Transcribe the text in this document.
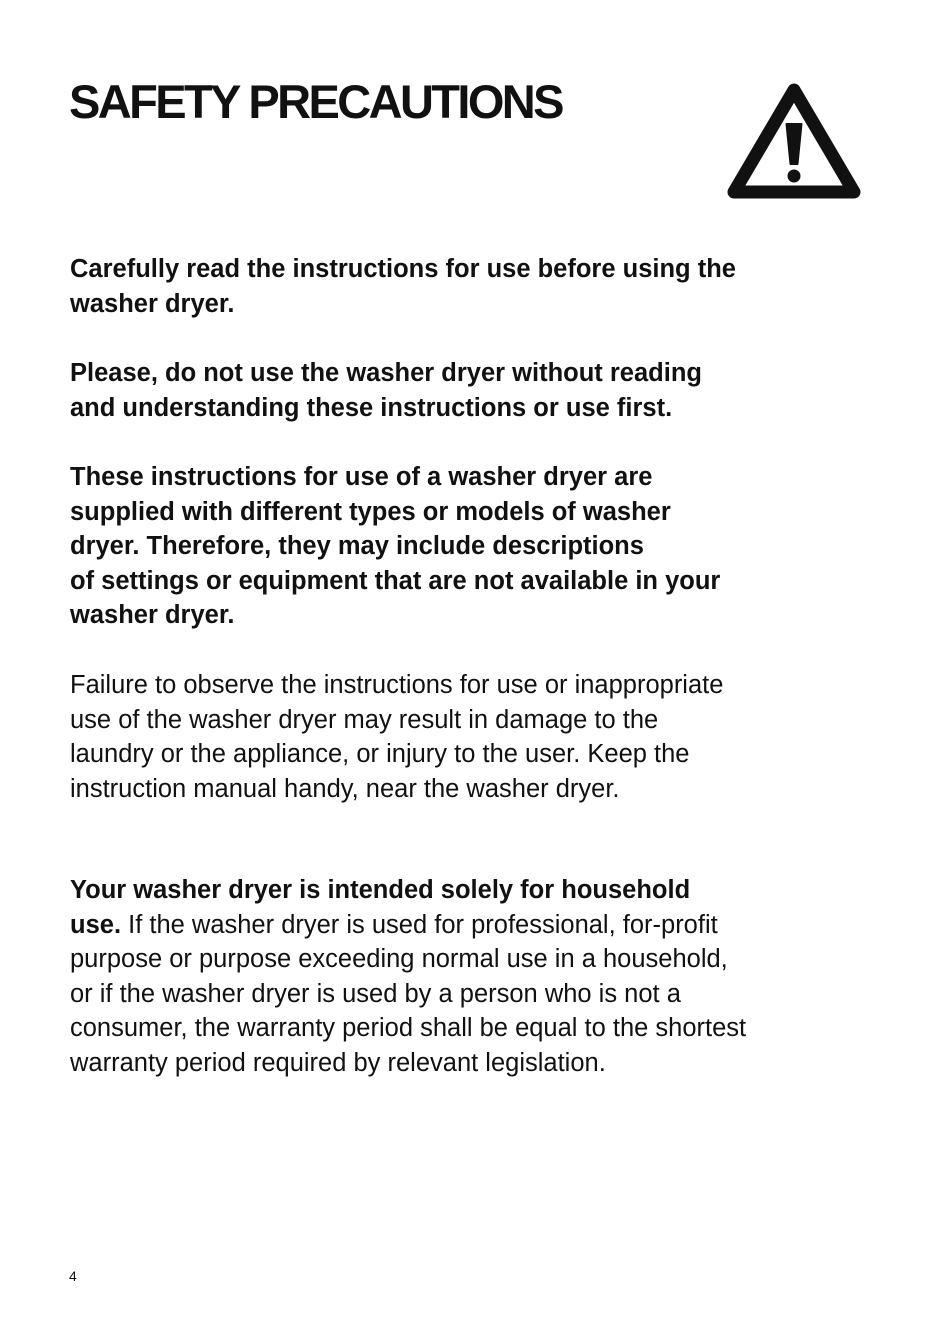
SAFETY PRECAUTIONS
Carefully read the instructions for use before using the
washer dryer.
Please, do not use the washer dryer without reading
and understanding these instructions or use first.
These instructions for use of a washer dryer are
supplied with different types or models of washer
dryer. Therefore, they may include descriptions
of settings or equipment that are not available in your
washer dryer.
Failure to observe the instructions for use or inappropriate
use of the washer dryer may result in damage to the
laundry or the appliance, or injury to the user. Keep the
instruction manual handy, near the washer dryer.
Your washer dryer is intended solely for household
use. If the washer dryer is used for professional, for-profit
purpose or purpose exceeding normal use in a household,
or if the washer dryer is used by a person who is not a
consumer, the warranty period shall be equal to the shortest
warranty period required by relevant legislation.
4
